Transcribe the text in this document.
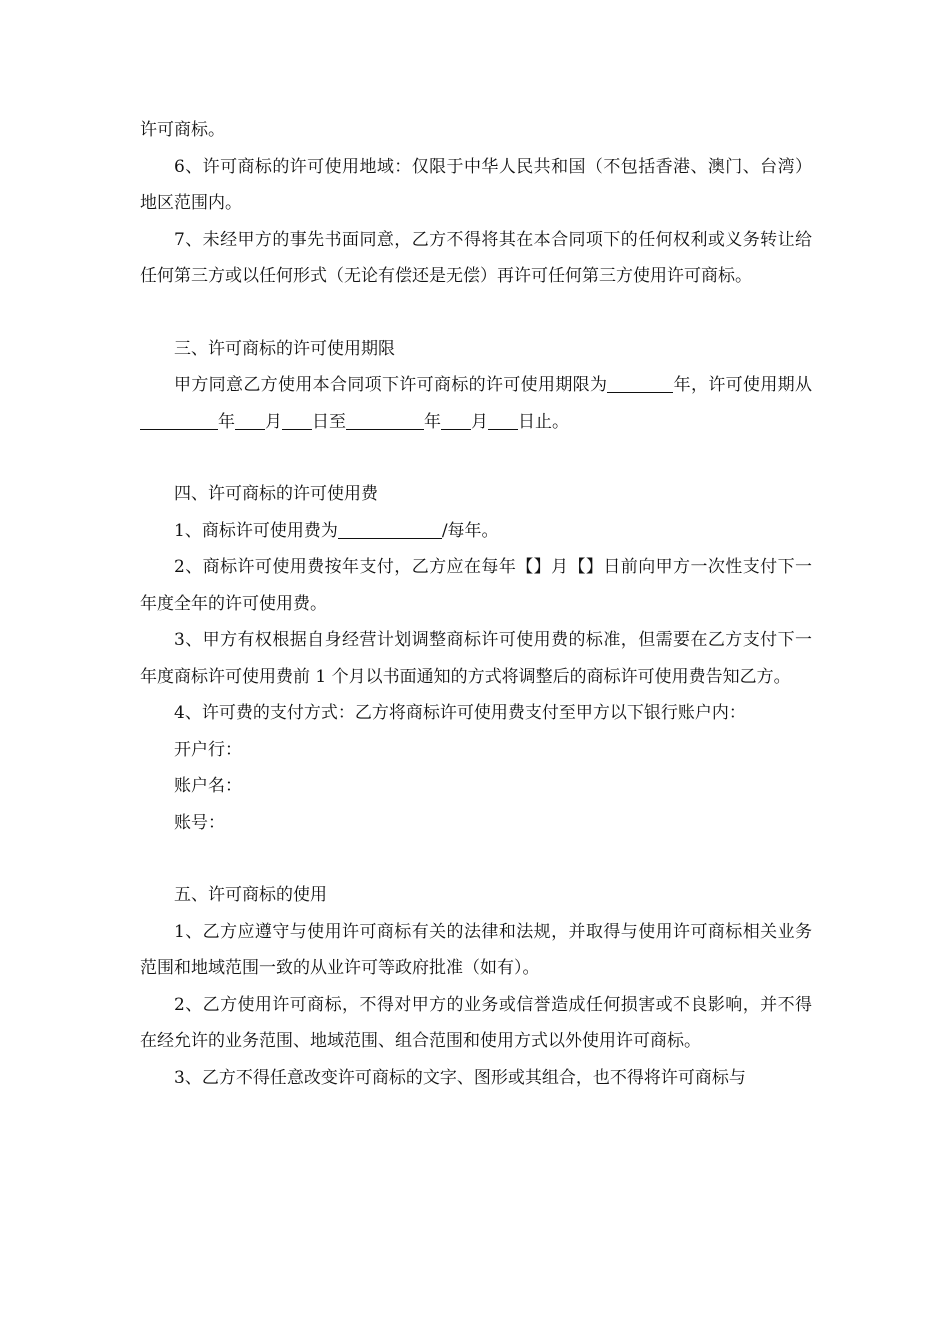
许可商标。

6、许可商标的许可使用地域：仅限于中华人民共和国（不包括香港、澳门、台湾）地区范围内。

7、未经甲方的事先书面同意，乙方不得将其在本合同项下的任何权利或义务转让给任何第三方或以任何形式（无论有偿还是无偿）再许可任何第三方使用许可商标。

三、许可商标的许可使用期限

甲方同意乙方使用本合同项下许可商标的许可使用期限为	年，许可使用期从年 月 日至	年 月 日止。

四、许可商标的许可使用费

1、商标许可使用费为	/每年。

2、商标许可使用费按年支付，乙方应在每年【】月【】日前向甲方一次性支付下一年度全年的许可使用费。

3、甲方有权根据自身经营计划调整商标许可使用费的标准，但需要在乙方支付下一年度商标许可使用费前 1 个月以书面通知的方式将调整后的商标许可使用费告知乙方。

4、许可费的支付方式：乙方将商标许可使用费支付至甲方以下银行账户内：

开户行：

账户名：

账号：

五、许可商标的使用

1、乙方应遵守与使用许可商标有关的法律和法规，并取得与使用许可商标相关业务范围和地域范围一致的从业许可等政府批准（如有）。

2、乙方使用许可商标，不得对甲方的业务或信誉造成任何损害或不良影响，并不得在经允许的业务范围、地域范围、组合范围和使用方式以外使用许可商标。

3、乙方不得任意改变许可商标的文字、图形或其组合，也不得将许可商标与
